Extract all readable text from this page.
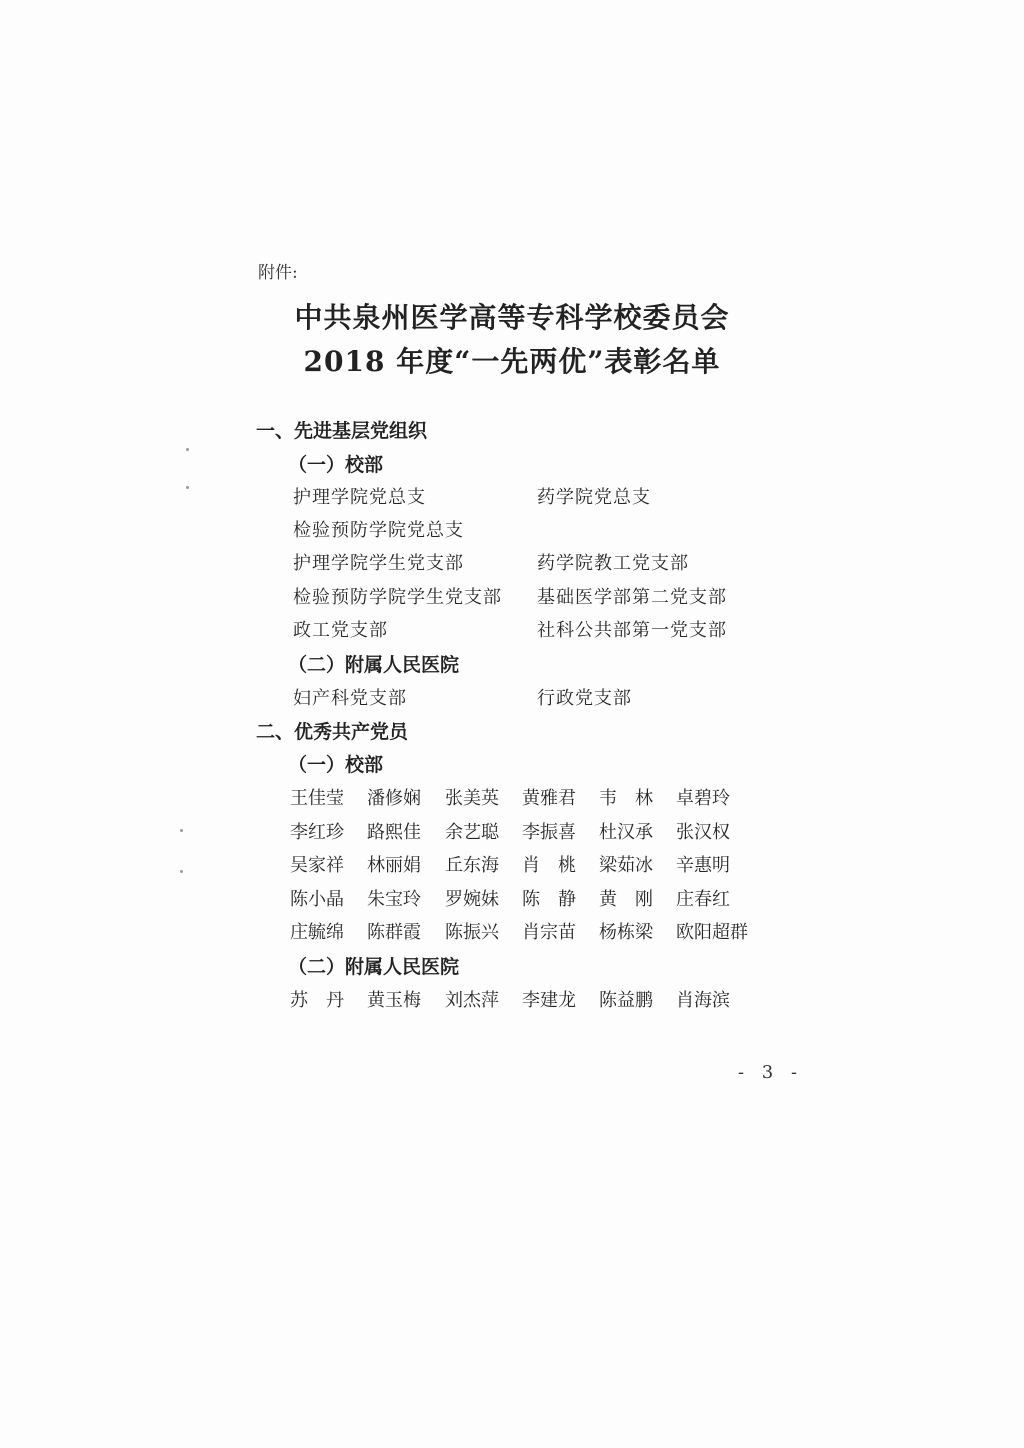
附件:
中共泉州医学高等专科学校委员会
2018 年度“一先两优”表彰名单
一、先进基层党组织
（一）校部
护理学院党总支	药学院党总支
检验预防学院党总支
护理学院学生党支部	药学院教工党支部
检验预防学院学生党支部 基础医学部第二党支部
政工党支部	社科公共部第一党支部
（二）附属人民医院
妇产科党支部	行政党支部
二、优秀共产党员
（一）校部
王佳莹 潘修娴 张美英 黄雅君 韦　林 卓碧玲
李红珍 路熙佳 余艺聪 李振喜 杜汉承 张汉权
吴家祥 林丽娟 丘东海 肖　桃 梁茹冰 辛惠明
陈小晶 朱宝玲 罗婉妹 陈　静 黄　刚 庄春红
庄毓绵 陈群霞 陈振兴 肖宗苗 杨栋梁 欧阳超群
（二）附属人民医院
苏　丹 黄玉梅 刘杰萍 李建龙 陈益鹏 肖海滨
- 3 -
